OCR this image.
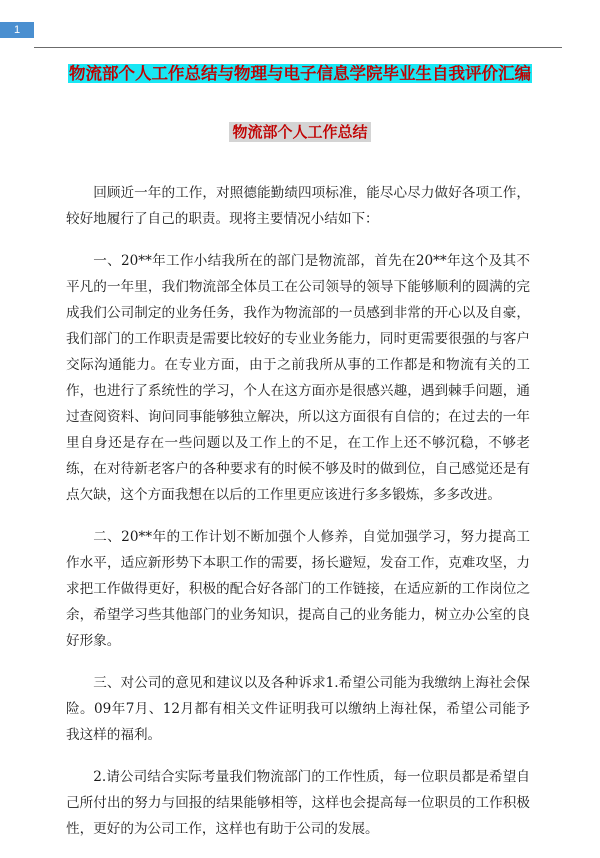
1
物流部个人工作总结与物理与电子信息学院毕业生自我评价汇编
物流部个人工作总结

回顾近一年的工作，对照德能勤绩四项标准，能尽心尽力做好各项工作，较好地履行了自己的职责。现将主要情况小结如下：

一、20**年工作小结我所在的部门是物流部，首先在20**年这个及其不平凡的一年里，我们物流部全体员工在公司领导的领导下能够顺利的圆满的完成我们公司制定的业务任务，我作为物流部的一员感到非常的开心以及自豪，我们部门的工作职责是需要比较好的专业业务能力，同时更需要很强的与客户交际沟通能力。在专业方面，由于之前我所从事的工作都是和物流有关的工作，也进行了系统性的学习，个人在这方面亦是很感兴趣，遇到棘手问题，通过查阅资料、询问同事能够独立解决，所以这方面很有自信的；在过去的一年里自身还是存在一些问题以及工作上的不足，在工作上还不够沉稳，不够老练，在对待新老客户的各种要求有的时候不够及时的做到位，自己感觉还是有点欠缺，这个方面我想在以后的工作里更应该进行多多锻炼，多多改进。

二、20**年的工作计划不断加强个人修养，自觉加强学习，努力提高工作水平，适应新形势下本职工作的需要，扬长避短，发奋工作，克难攻坚，力求把工作做得更好，积极的配合好各部门的工作链接，在适应新的工作岗位之余，希望学习些其他部门的业务知识，提高自己的业务能力，树立办公室的良好形象。

三、对公司的意见和建议以及各种诉求1.希望公司能为我缴纳上海社会保险。09年7月、12月都有相关文件证明我可以缴纳上海社保，希望公司能予我这样的福利。

2.请公司结合实际考量我们物流部门的工作性质，每一位职员都是希望自己所付出的努力与回报的结果能够相等，这样也会提高每一位职员的工作积极性，更好的为公司工作，这样也有助于公司的发展。
